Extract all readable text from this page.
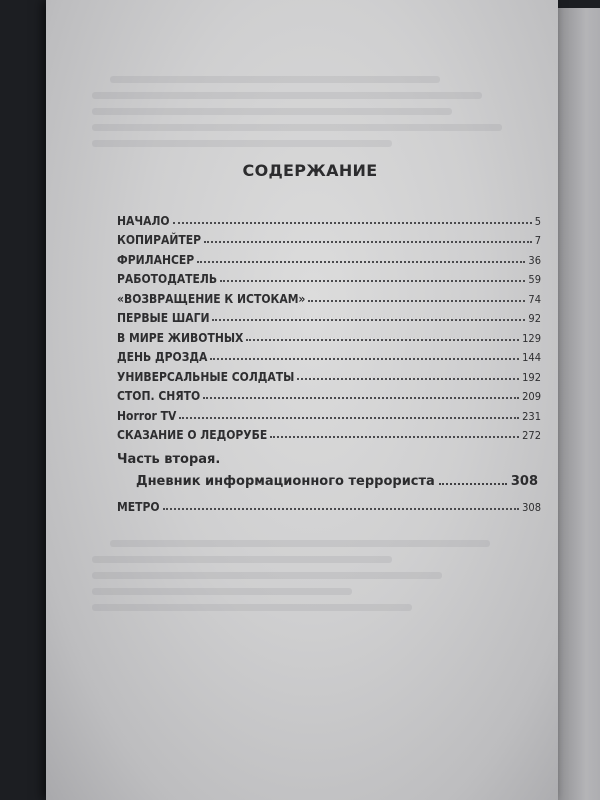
СОДЕРЖАНИЕ
НАЧАЛО	5
КОПИРАЙТЕР	7
ФРИЛАНСЕР	36
РАБОТОДАТЕЛЬ	59
«ВОЗВРАЩЕНИЕ К ИСТОКАМ»	74
ПЕРВЫЕ ШАГИ	92
В МИРЕ ЖИВОТНЫХ	129
ДЕНЬ ДРОЗДА	144
УНИВЕРСАЛЬНЫЕ СОЛДАТЫ	192
СТОП. СНЯТО	209
Horror TV	231
СКАЗАНИЕ О ЛЕДОРУБЕ	272
Часть вторая.
Дневник информационного террориста	308
МЕТРО	308
